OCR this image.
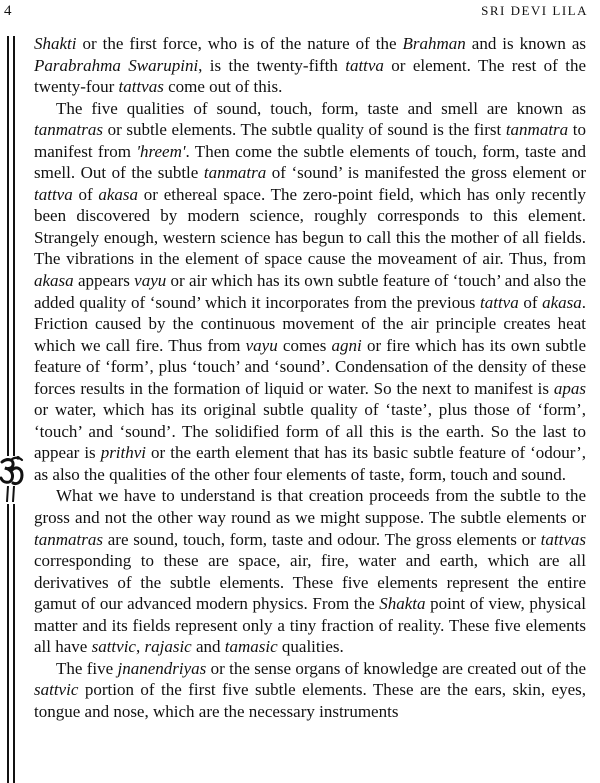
4	SRI DEVI LILA

Shakti or the first force, who is of the nature of the Brahman and is known as Parabrahma Swarupini, is the twenty-fifth tattva or element. The rest of the twenty-four tattvas come out of this.

The five qualities of sound, touch, form, taste and smell are known as tanmatras or subtle elements. The subtle quality of sound is the first tanmatra to manifest from 'hreem'. Then come the subtle elements of touch, form, taste and smell. Out of the subtle tanmatra of ‘sound’ is manifested the gross element or tattva of akasa or ethereal space. The zero-point field, which has only recently been discovered by modern science, roughly corresponds to this element. Strangely enough, western science has begun to call this the mother of all fields. The vibrations in the element of space cause the moveament of air. Thus, from akasa appears vayu or air which has its own subtle feature of ‘touch’ and also the added quality of ‘sound’ which it incorporates from the previous tattva of akasa. Friction caused by the continuous movement of the air principle creates heat which we call fire. Thus from vayu comes agni or fire which has its own subtle feature of ‘form’, plus ‘touch’ and ‘sound’. Condensation of the density of these forces results in the formation of liquid or water. So the next to manifest is apas or water, which has its original subtle quality of ‘taste’, plus those of ‘form’, ‘touch’ and ‘sound’. The solidified form of all this is the earth. So the last to appear is prithvi or the earth element that has its basic subtle feature of ‘odour’, as also the qualities of the other four elements of taste, form, touch and sound.

What we have to understand is that creation proceeds from the subtle to the gross and not the other way round as we might suppose. The subtle elements or tanmatras are sound, touch, form, taste and odour. The gross elements or tattvas corresponding to these are space, air, fire, water and earth, which are all derivatives of the subtle elements. These five elements represent the entire gamut of our advanced modern physics. From the Shakta point of view, physical matter and its fields represent only a tiny fraction of reality. These five elements all have sattvic, rajasic and tamasic qualities.

The five jnanendriyas or the sense organs of knowledge are created out of the sattvic portion of the first five subtle elements. These are the ears, skin, eyes, tongue and nose, which are the necessary instruments
